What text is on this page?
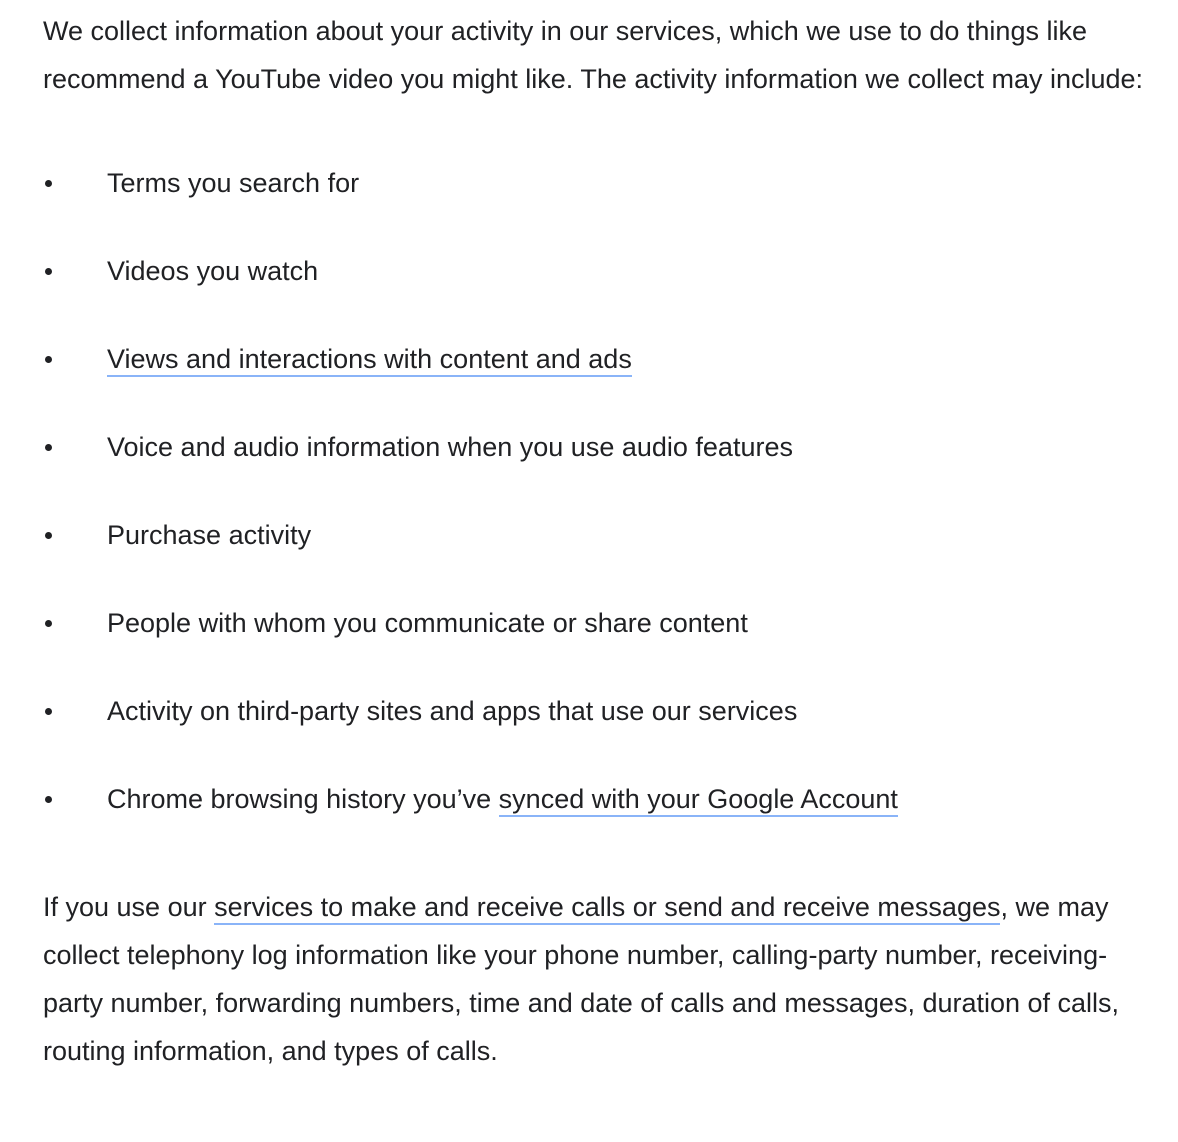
We collect information about your activity in our services, which we use to do things like recommend a YouTube video you might like. The activity information we collect may include:

Terms you search for
Videos you watch
Views and interactions with content and ads
Voice and audio information when you use audio features
Purchase activity
People with whom you communicate or share content
Activity on third-party sites and apps that use our services
Chrome browsing history you’ve synced with your Google Account

If you use our services to make and receive calls or send and receive messages, we may collect telephony log information like your phone number, calling-party number, receiving-party number, forwarding numbers, time and date of calls and messages, duration of calls, routing information, and types of calls.
